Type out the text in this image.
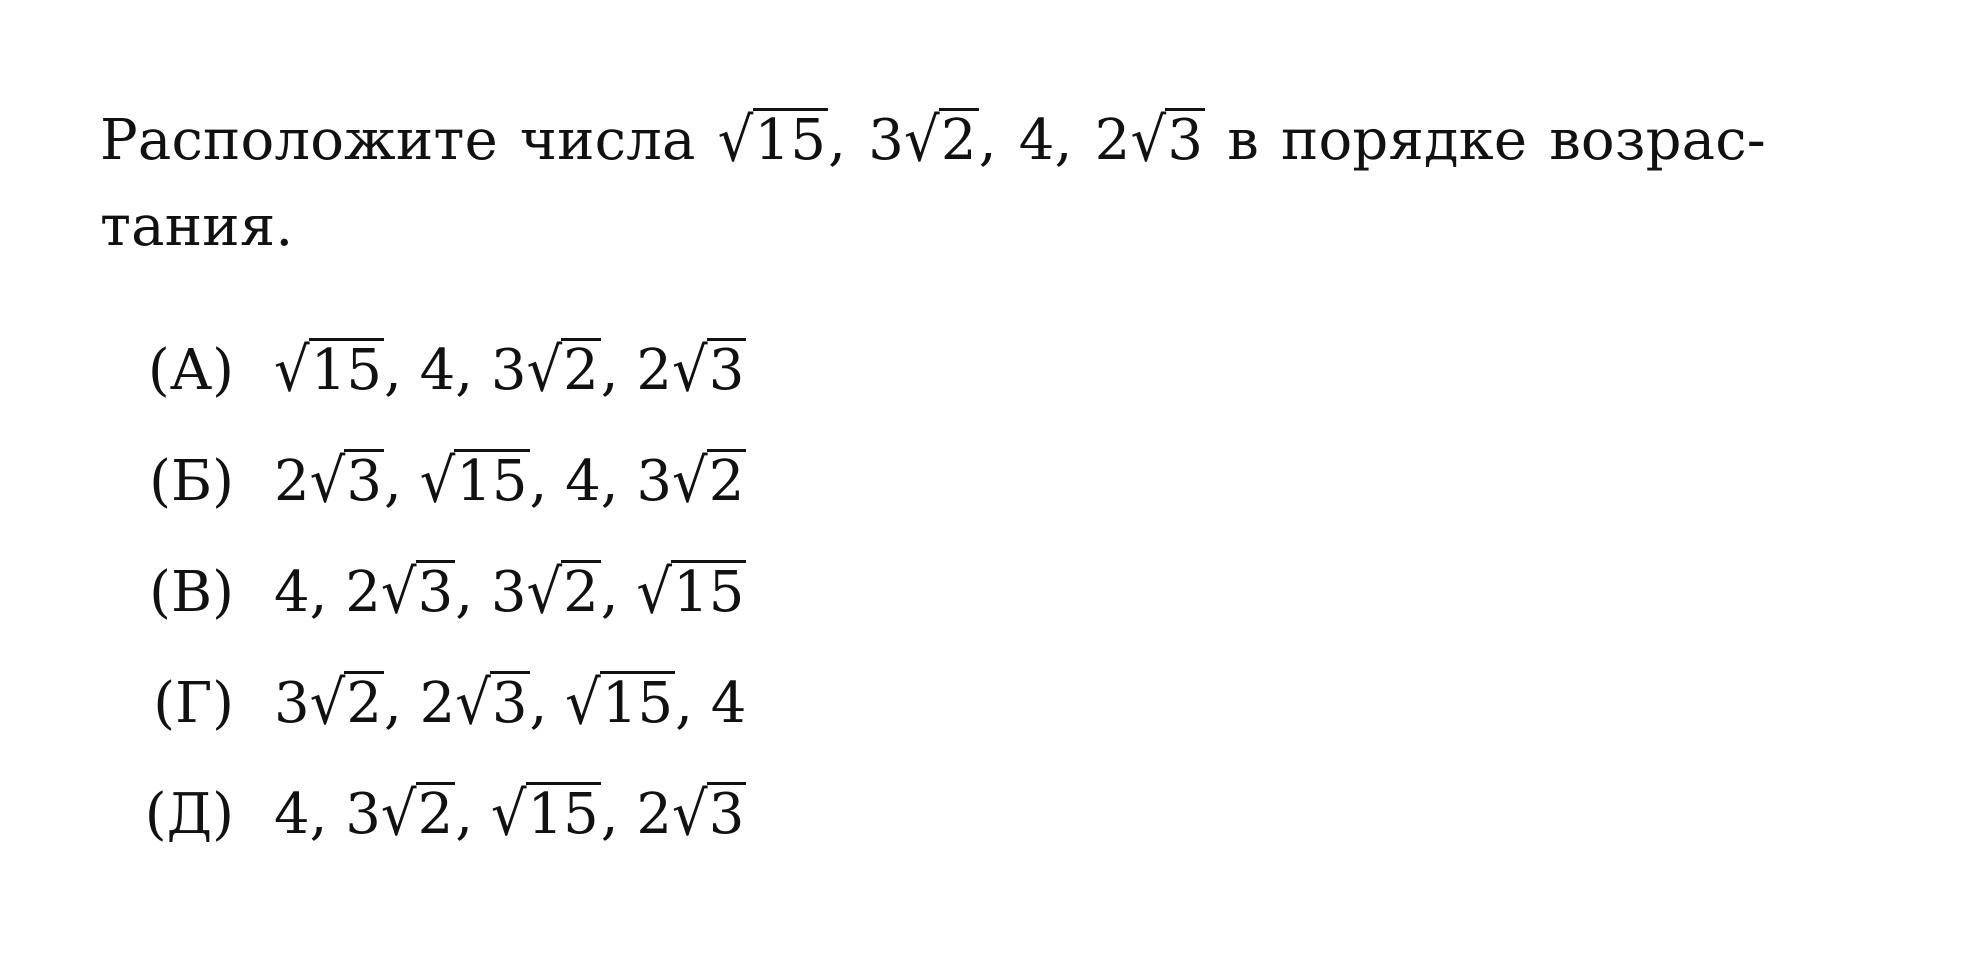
Расположите числа √15, 3√2, 4, 2√3 в порядке возрас-
тания.
(А) √15, 4, 3√2, 2√3
(Б) 2√3, √15, 4, 3√2
(В) 4, 2√3, 3√2, √15
(Г) 3√2, 2√3, √15, 4
(Д) 4, 3√2, √15, 2√3
